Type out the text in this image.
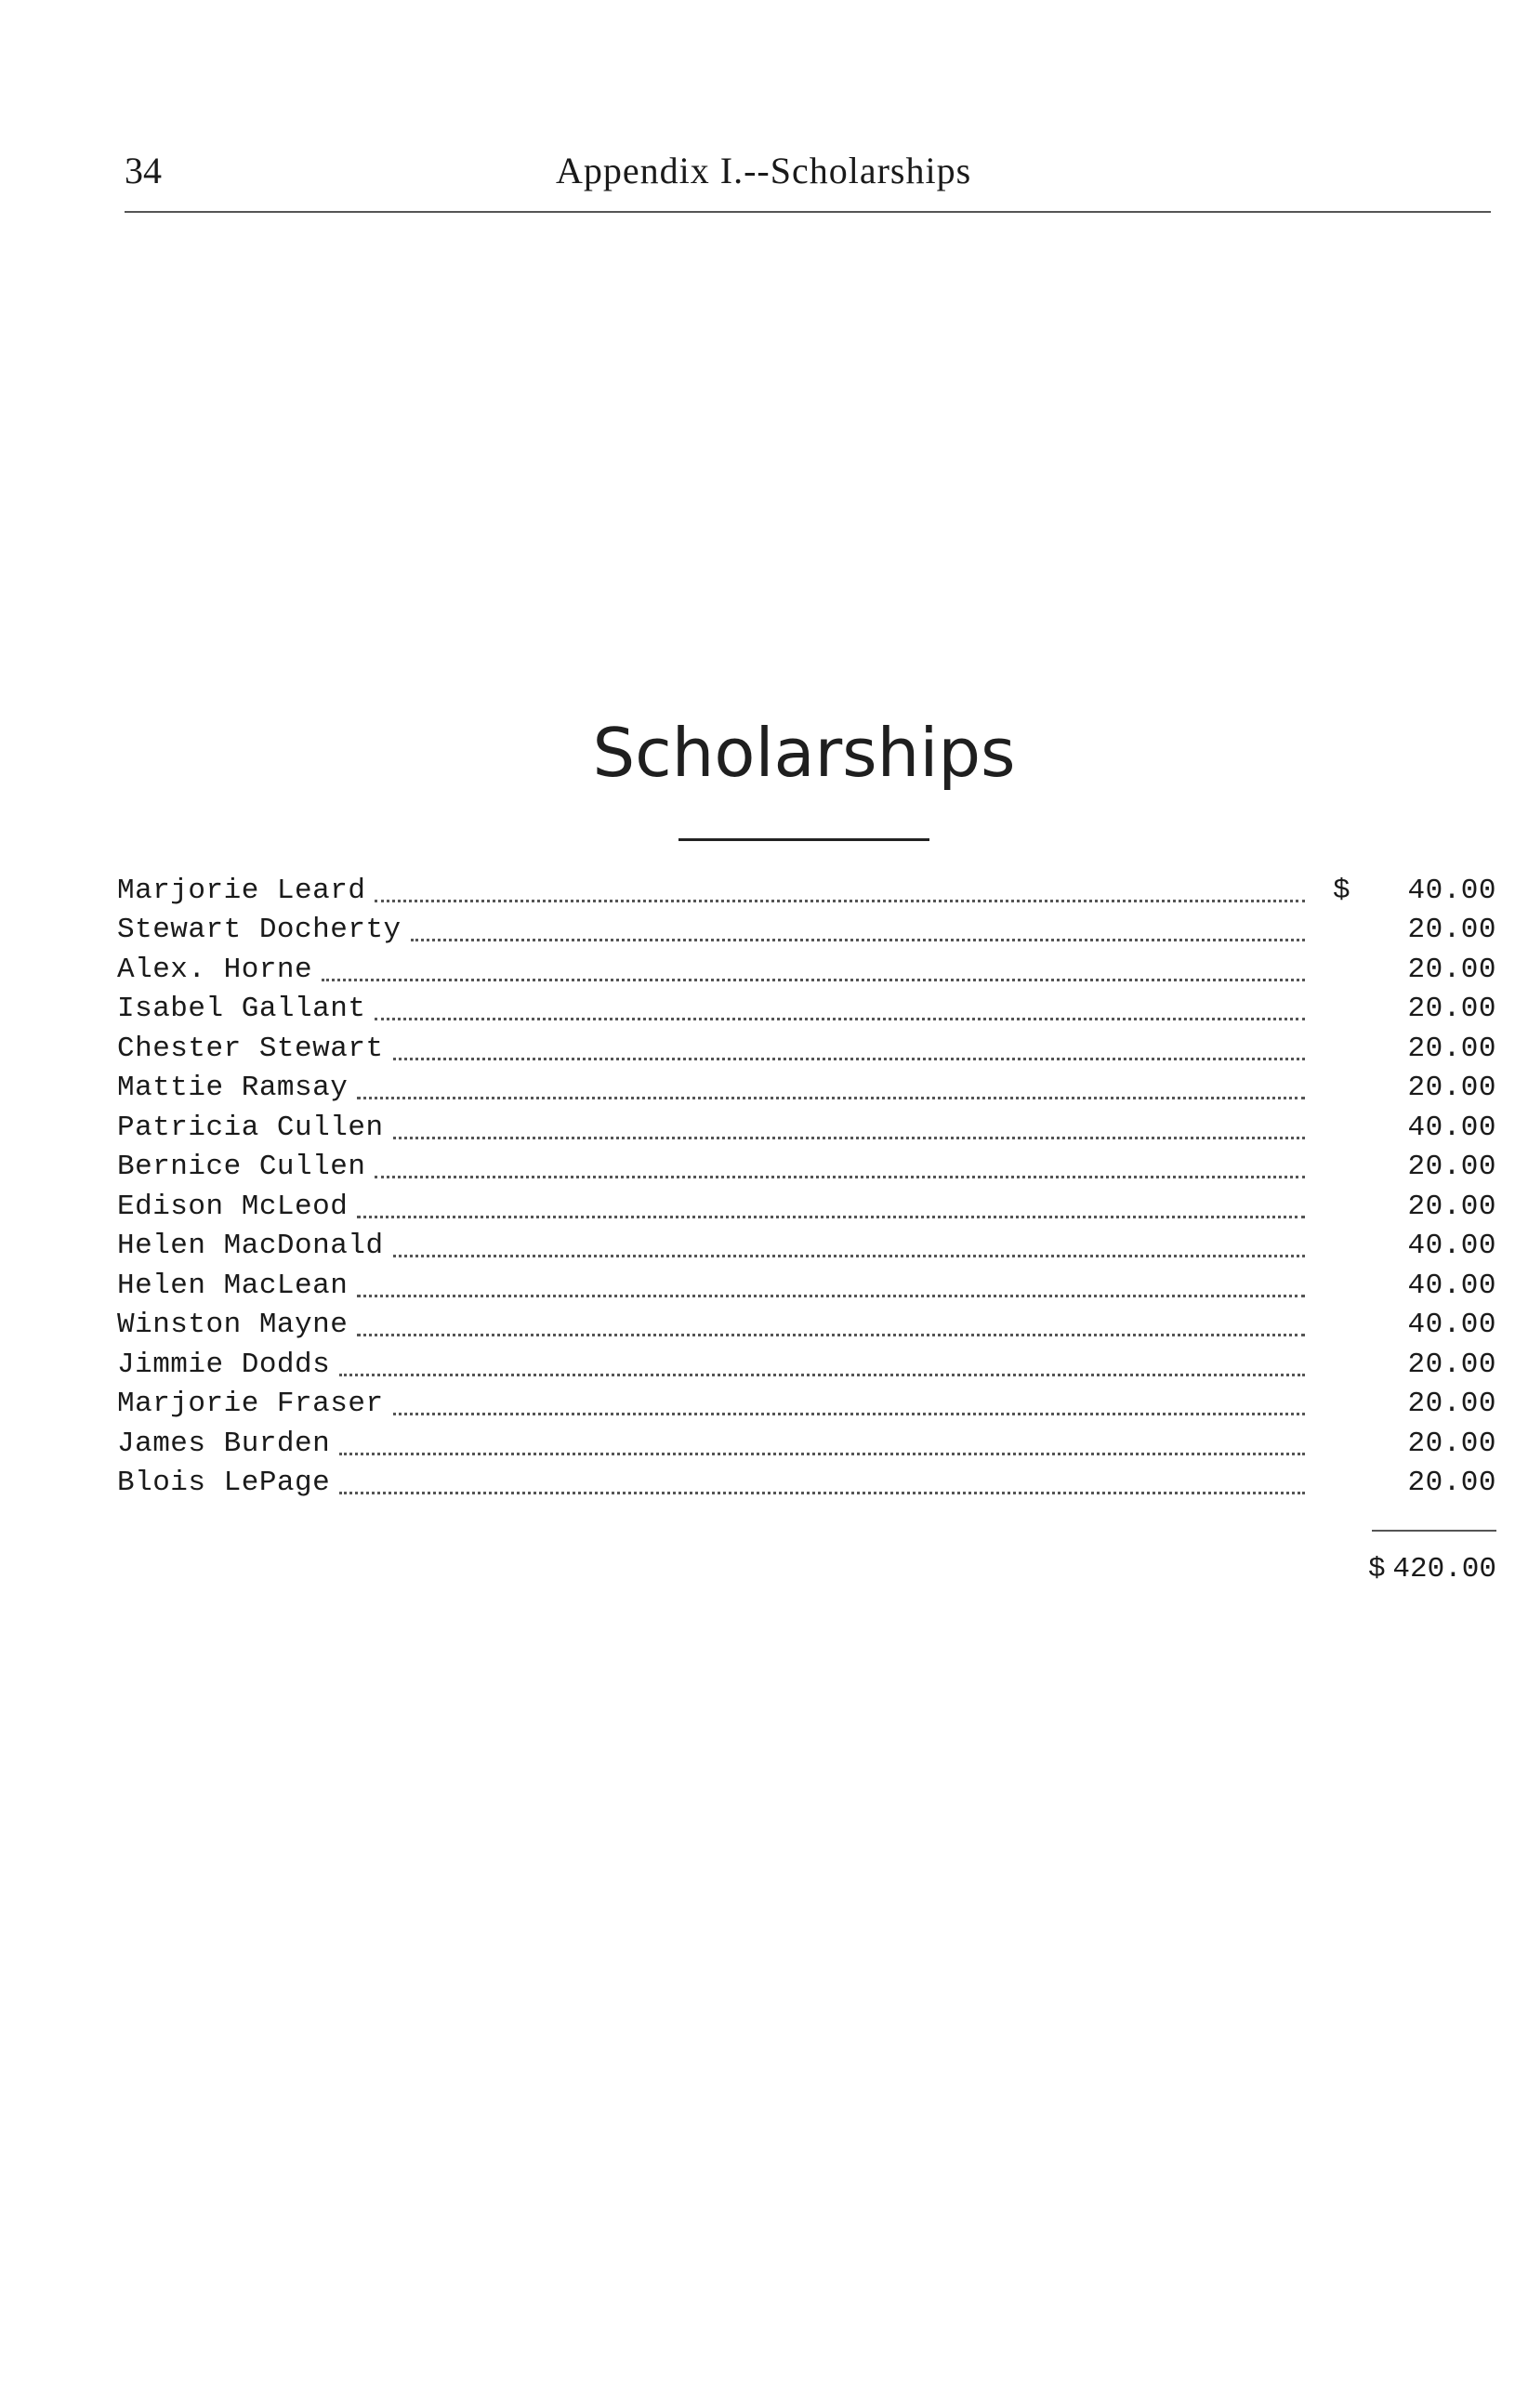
34	Appendix I.--Scholarships
Scholarships
Marjorie Leard	$	40.00
Stewart Docherty	20.00
Alex. Horne	20.00
Isabel Gallant	20.00
Chester Stewart	20.00
Mattie Ramsay	20.00
Patricia Cullen	40.00
Bernice Cullen	20.00
Edison McLeod	20.00
Helen MacDonald	40.00
Helen MacLean	40.00
Winston Mayne	40.00
Jimmie Dodds	20.00
Marjorie Fraser	20.00
James Burden	20.00
Blois LePage	20.00
$ 420.00
